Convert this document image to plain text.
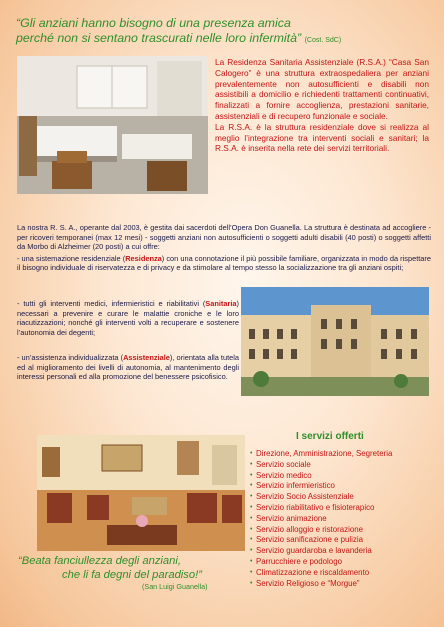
“Gli anziani hanno bisogno di una presenza amica
perché non si sentano trascurati nelle loro infermità” (Cost. SdC)

La Residenza Sanitaria Assistenziale (R.S.A.) “Casa San Calogero” è una struttura extraospedaliera per anziani prevalentemente non autosufficienti e disabili non assistibili a domicilio e richiedenti trattamenti continuativi, finalizzati a fornire accoglienza, prestazioni sanitarie, assistenziali e di recupero funzionale e sociale.

La R.S.A. è la struttura residenziale dove si realizza al meglio l’integrazione tra interventi sociali e sanitari; la R.S.A. è inserita nella rete dei servizi territoriali.

La nostra R. S. A., operante dal 2003, è gestita dai sacerdoti dell’Opera Don Guanella. La struttura è destinata ad accogliere - per ricoveri temporanei (max 12 mesi) - soggetti anziani non autosufficienti o soggetti adulti disabili (40 posti) o soggetti affetti da Morbo di Alzheimer (20 posti) a cui offre:

- una sistemazione residenziale (Residenza) con una connotazione il più possibile familiare, organizzata in modo da rispettare il bisogno individuale di riservatezza e di privacy e da stimolare al tempo stesso la socializzazione tra gli anziani ospiti;

- tutti gli interventi medici, infermieristici e riabilitativi (Sanitaria) necessari a prevenire e curare le malattie croniche e le loro riacutizzazioni; nonché gli interventi volti a recuperare e sostenere l’autonomia dei degenti;
- un’assistenza individualizzata (Assistenziale), orientata alla tutela ed al miglioramento dei livelli di autonomia, al mantenimento degli interessi personali ed alla promozione del benessere psicofisico.
I servizi offerti
• Direzione, Amministrazione, Segreteria
• Servizio sociale
• Servizio medico
• Servizio infermieristico
• Servizio Socio Assistenziale
• Servizio riabilitativo e fisioterapico
• Servizio animazione
• Servizio alloggio e ristorazione
• Servizio sanificazione e pulizia
• Servizio guardaroba e lavanderia
• Parrucchiere e podologo
• Climatizzazione e riscaldamento
• Servizio Religioso e “Morgue”
“Beata fanciullezza degli anziani,
che li fa degni del paradiso!”
(San Luigi Guanella)
